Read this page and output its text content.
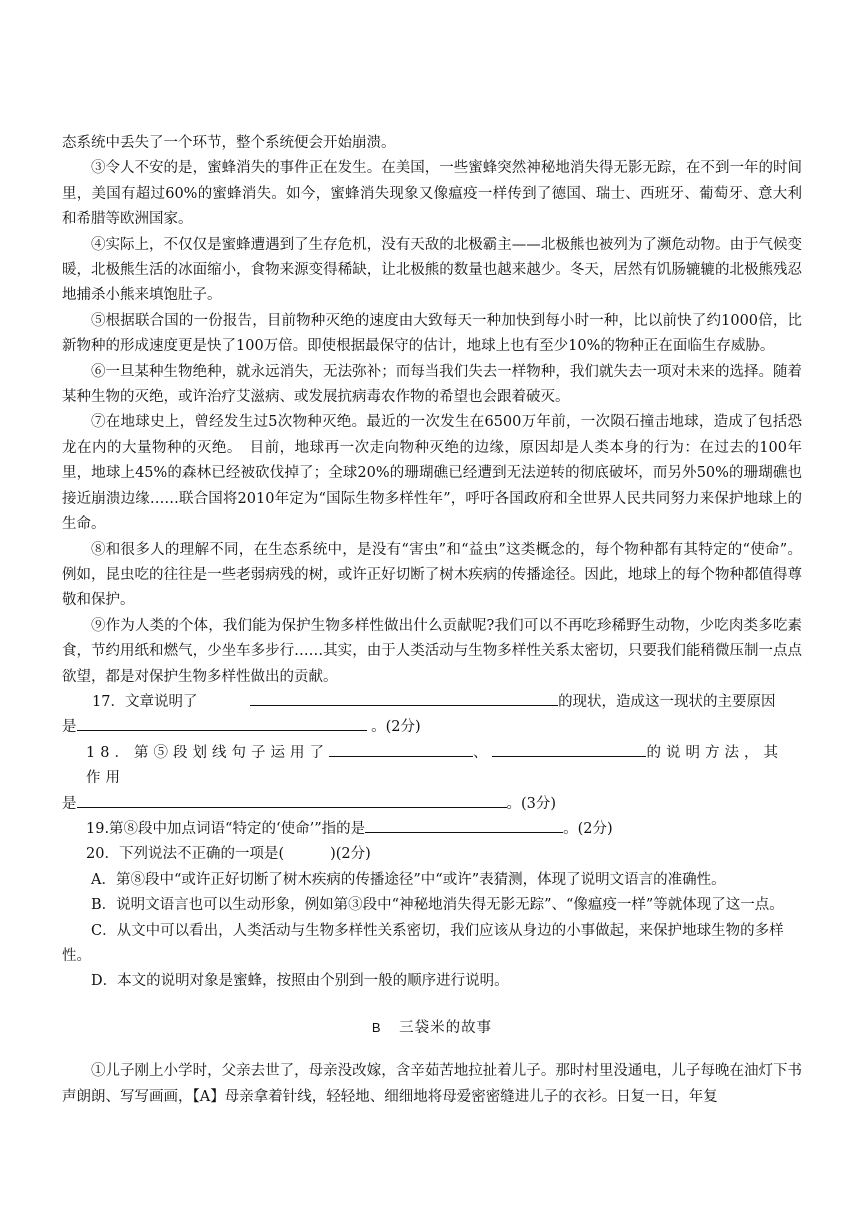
态系统中丢失了一个环节，整个系统便会开始崩溃。

③令人不安的是，蜜蜂消失的事件正在发生。在美国，一些蜜蜂突然神秘地消失得无影无踪，在不到一年的时间里，美国有超过60%的蜜蜂消失。如今，蜜蜂消失现象又像瘟疫一样传到了德国、瑞士、西班牙、葡萄牙、意大利和希腊等欧洲国家。

④实际上，不仅仅是蜜蜂遭遇到了生存危机，没有天敌的北极霸主——北极熊也被列为了濒危动物。由于气候变暖，北极熊生活的冰面缩小，食物来源变得稀缺，让北极熊的数量也越来越少。冬天，居然有饥肠辘辘的北极熊残忍地捕杀小熊来填饱肚子。

⑤根据联合国的一份报告，目前物种灭绝的速度由大致每天一种加快到每小时一种，比以前快了约1000倍，比新物种的形成速度更是快了100万倍。即使根据最保守的估计，地球上也有至少10%的物种正在面临生存威胁。

⑥一旦某种生物绝种，就永远消失，无法弥补；而每当我们失去一样物种，我们就失去一项对未来的选择。随着某种生物的灭绝，或许治疗艾滋病、或发展抗病毒农作物的希望也会跟着破灭。

⑦在地球史上，曾经发生过5次物种灭绝。最近的一次发生在6500万年前，一次陨石撞击地球，造成了包括恐龙在内的大量物种的灭绝。　目前，地球再一次走向物种灭绝的边缘，原因却是人类本身的行为：在过去的100年里，地球上45%的森林已经被砍伐掉了；全球20%的珊瑚礁已经遭到无法逆转的彻底破坏，而另外50%的珊瑚礁也接近崩溃边缘……联合国将2010年定为“国际生物多样性年”，呼吁各国政府和全世界人民共同努力来保护地球上的生命。

⑧和很多人的理解不同，在生态系统中，是没有“害虫”和“益虫”这类概念的，每个物种都有其特定的“使命”。例如，昆虫吃的往往是一些老弱病残的树，或许正好切断了树木疾病的传播途径。因此，地球上的每个物种都值得尊敬和保护。

⑨作为人类的个体，我们能为保护生物多样性做出什么贡献呢?我们可以不再吃珍稀野生动物，少吃肉类多吃素食，节约用纸和燃气，少坐车多步行……其实，由于人类活动与生物多样性关系太密切，只要我们能稍微压制一点点欲望，都是对保护生物多样性做出的贡献。

17．文章说明了	的现状，造成这一现状的主要原因

是	。(2分)

18．第⑤段划线句子运用了	、	的说明方法，其作用

是	。(3分)

19.第⑧段中加点词语“特定的‘使命’”指的是	。(2分)

20．下列说法不正确的一项是(	)(2分)

A．第⑧段中“或许正好切断了树木疾病的传播途径”中“或许”表猜测，体现了说明文语言的准确性。

B．说明文语言也可以生动形象，例如第③段中“神秘地消失得无影无踪”、“像瘟疫一样”等就体现了这一点。

C．从文中可以看出，人类活动与生物多样性关系密切，我们应该从身边的小事做起，来保护地球生物的多样性。

D．本文的说明对象是蜜蜂，按照由个别到一般的顺序进行说明。

B 三袋米的故事

①儿子刚上小学时，父亲去世了，母亲没改嫁，含辛茹苦地拉扯着儿子。那时村里没通电，儿子每晚在油灯下书声朗朗、写写画画，【A】母亲拿着针线，轻轻地、细细地将母爱密密缝进儿子的衣衫。日复一日，年复
